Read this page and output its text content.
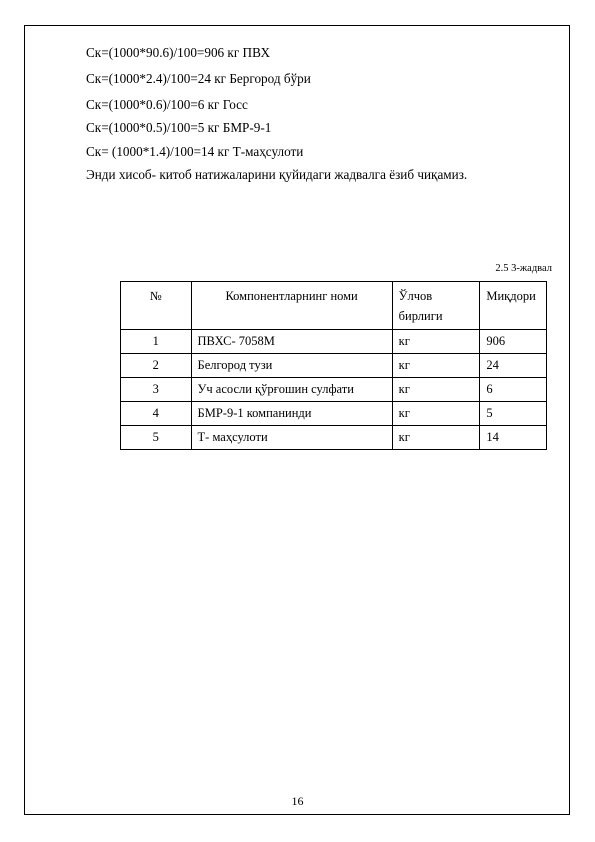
Ск=(1000*90.6)/100=906 кг ПВХ
Ск=(1000*2.4)/100=24 кг Бергород бўри
Ск=(1000*0.6)/100=6 кг Госс
Ск=(1000*0.5)/100=5 кг БМР-9-1
Ск= (1000*1.4)/100=14 кг Т-маҳсулоти
Энди хисоб- китоб натижаларини қуйидаги жадвалга ёзиб чиқамиз.
2.5 3-жадвал
№	Компонентларнинг номи	Ўлчов бирлиги	Миқдори
1	ПВХС- 7058М	кг	906
2	Белгород тузи	кг	24
3	Уч асосли қўрғошин сулфати	кг	6
4	БМР-9-1 компанинди	кг	5
5	Т- маҳсулоти	кг	14
16
